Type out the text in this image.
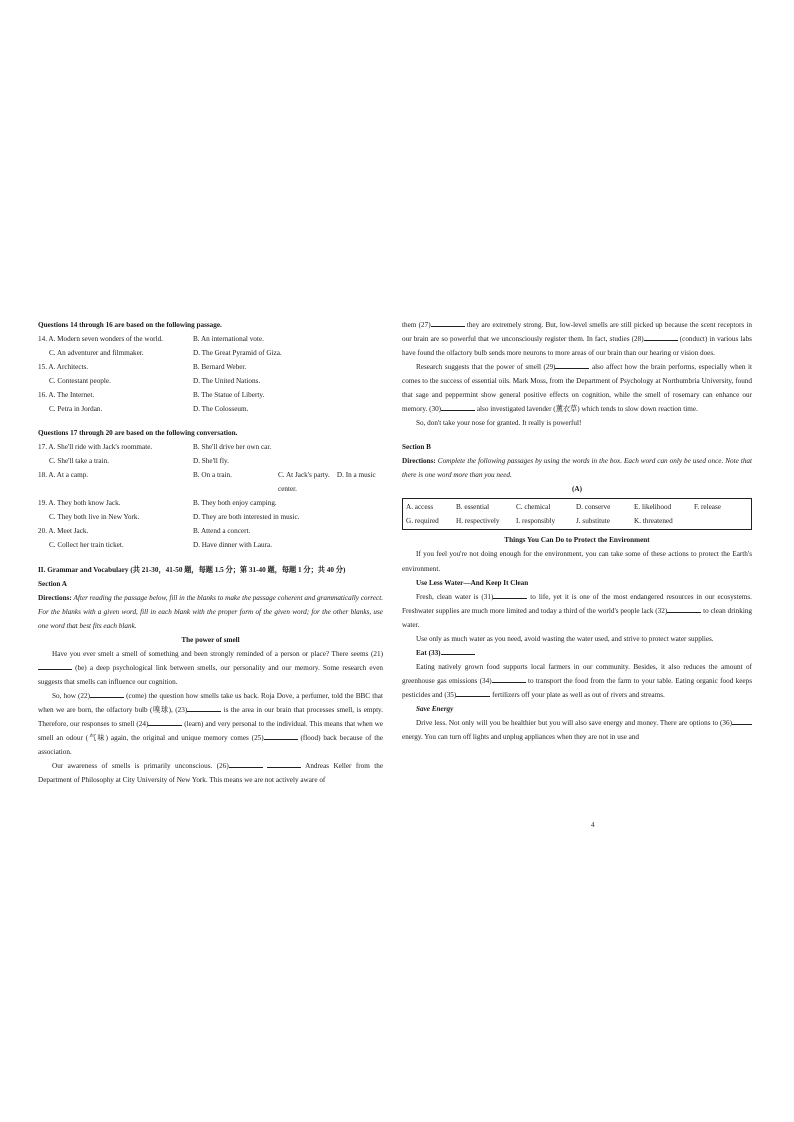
Questions 14 through 16 are based on the following passage.
14. A. Modern seven wonders of the world.	B. An international vote.
C. An adventurer and filmmaker.	D. The Great Pyramid of Giza.
15. A. Architects.	B. Bernard Weber.
C. Contestant people.	D. The United Nations.
16. A. The Internet.	B. The Statue of Liberty.
C. Petra in Jordan.	D. The Colosseum.
Questions 17 through 20 are based on the following conversation.
17. A. She'll ride with Jack's roommate.	B. She'll drive her own car.
C. She'll take a train.	D. She'll fly.
18. A. At a camp.	B. On a train.	C. At Jack's party. D. In a music center.
19. A. They both know Jack.	B. They both enjoy camping.
C. They both live in New York.	D. They are both interested in music.
20. A. Meet Jack.	B. Attend a concert.
C. Collect her train ticket.	D. Have dinner with Laura.
II. Grammar and Vocabulary (共 21-30，41-50 题，每题 1.5 分；第 31-40 题，每题 1 分；共 40 分)
Section A
Directions: After reading the passage below, fill in the blanks to make the passage coherent and grammatically correct. For the blanks with a given word, fill in each blank with the proper form of the given word; for the other blanks, use one word that best fits each blank.
The power of smell

Have you ever smelt a smell of something and been strongly reminded of a person or place? There seems (21) (be) a deep psychological link between smells, our personality and our memory. Some research even suggests that smells can influence our cognition.

So, how (22)	(come) the question how smells take us back. Roja Dove, a perfumer, told the BBC that when we are born, the olfactory bulb (嗅球), (23)	is the area in our brain that processes smell, is empty. Therefore, our responses to smell (24)	(learn) and very personal to the individual. This means that when we smell an odour (气味) again, the original and unique memory comes (25)	(flood) back because of the association.

Our awareness of smells is primarily unconscious. (26)	Andreas Keller from the Department of Philosophy at City University of New York. This means we are not actively aware of

them (27)	they are extremely strong. But, low-level smells are still picked up because the scent receptors in our brain are so powerful that we unconsciously register them. In fact, studies (28)	(conduct) in various labs have found the olfactory bulb sends more neurons to more areas of our brain than our hearing or vision does.

Research suggests that the power of smell (29)	also affect how the brain performs, especially when it comes to the success of essential oils. Mark Moss, from the Department of Psychology at Northumbria University, found that sage and peppermint show general positive effects on cognition, while the smell of rosemary can enhance our memory. (30)	also investigated lavender (薰衣草) which tends to slow down reaction time.

So, don't take your nose for granted. It really is powerful!

Section B
Directions: Complete the following passages by using the words in the box. Each word can only be used once. Note that there is one word more than you need.
(A)
A. access	B. essential	C. chemical	D. conserve	E. likelihood	F. release
G. required	H. respectively	I. responsibly	J. substitute	K. threatened
Things You Can Do to Protect the Environment

If you feel you're not doing enough for the environment, you can take some of these actions to protect the Earth's environment.

Use Less Water—And Keep It Clean

Fresh, clean water is (31)	to life, yet it is one of the most endangered resources in our ecosystems. Freshwater supplies are much more limited and today a third of the world's people lack (32)	to clean drinking water.

Use only as much water as you need, avoid wasting the water used, and strive to protect water supplies.

Eat (33)

Eating natively grown food supports local farmers in our community. Besides, it also reduces the amount of greenhouse gas emissions (34)	to transport the food from the farm to your table. Eating organic food keeps pesticides and (35)	fertilizers off your plate as well as out of rivers and streams.

Save Energy

Drive less. Not only will you be healthier but you will also save energy and money. There are options to (36) energy. You can turn off lights and unplug appliances when they are not in use and

4
